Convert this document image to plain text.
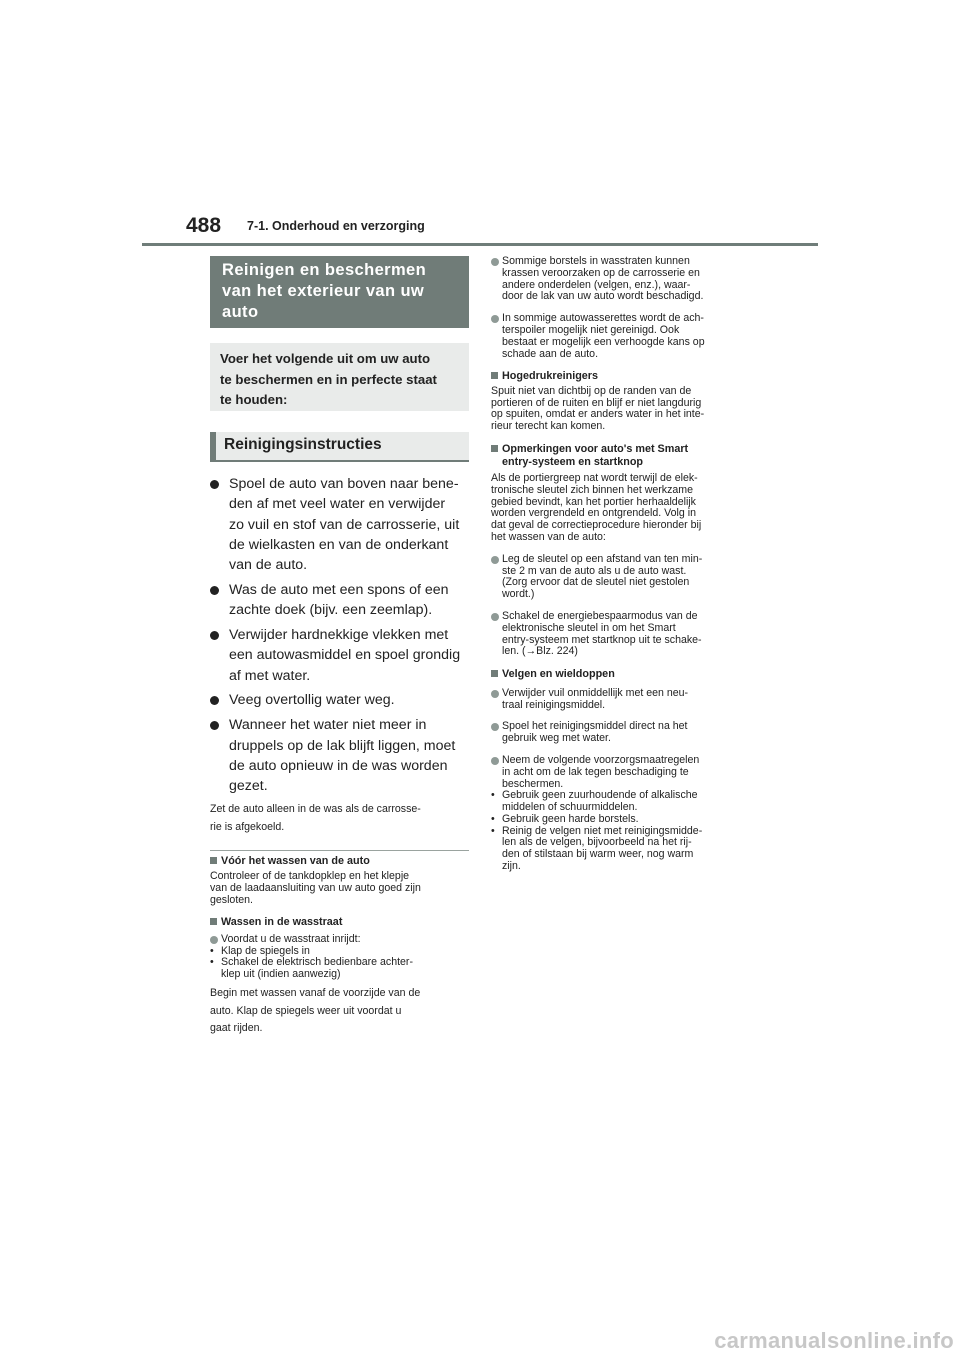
488 7-1. Onderhoud en verzorging
Reinigen en beschermen
van het exterieur van uw
auto
Voer het volgende uit om uw auto
te beschermen en in perfecte staat
te houden:
Reinigingsinstructies
Spoel de auto van boven naar bene-
den af met veel water en verwijder
zo vuil en stof van de carrosserie, uit
de wielkasten en van de onderkant
van de auto.
Was de auto met een spons of een
zachte doek (bijv. een zeemlap).
Verwijder hardnekkige vlekken met
een autowasmiddel en spoel grondig
af met water.
Veeg overtollig water weg.
Wanneer het water niet meer in
druppels op de lak blijft liggen, moet
de auto opnieuw in de was worden
gezet.
Zet de auto alleen in de was als de carrosse-
rie is afgekoeld.
Vóór het wassen van de auto
Controleer of de tankdopklep en het klepje
van de laadaansluiting van uw auto goed zijn
gesloten.
Wassen in de wasstraat
Voordat u de wasstraat inrijdt:
• Klap de spiegels in
• Schakel de elektrisch bedienbare achter-
klep uit (indien aanwezig)
Begin met wassen vanaf de voorzijde van de
auto. Klap de spiegels weer uit voordat u
gaat rijden.
Sommige borstels in wasstraten kunnen
krassen veroorzaken op de carrosserie en
andere onderdelen (velgen, enz.), waar-
door de lak van uw auto wordt beschadigd.
In sommige autowasserettes wordt de ach-
terspoiler mogelijk niet gereinigd. Ook
bestaat er mogelijk een verhoogde kans op
schade aan de auto.
Hogedrukreinigers
Spuit niet van dichtbij op de randen van de
portieren of de ruiten en blijf er niet langdurig
op spuiten, omdat er anders water in het inte-
rieur terecht kan komen.
Opmerkingen voor auto's met Smart
entry-systeem en startknop
Als de portiergreep nat wordt terwijl de elek-
tronische sleutel zich binnen het werkzame
gebied bevindt, kan het portier herhaaldelijk
worden vergrendeld en ontgrendeld. Volg in
dat geval de correctieprocedure hieronder bij
het wassen van de auto:
Leg de sleutel op een afstand van ten min-
ste 2 m van de auto als u de auto wast.
(Zorg ervoor dat de sleutel niet gestolen
wordt.)
Schakel de energiebespaarmodus van de
elektronische sleutel in om het Smart
entry-systeem met startknop uit te schake-
len. (→Blz. 224)
Velgen en wieldoppen
Verwijder vuil onmiddellijk met een neu-
traal reinigingsmiddel.
Spoel het reinigingsmiddel direct na het
gebruik weg met water.
Neem de volgende voorzorgsmaatregelen
in acht om de lak tegen beschadiging te
beschermen.
• Gebruik geen zuurhoudende of alkalische
middelen of schuurmiddelen.
• Gebruik geen harde borstels.
• Reinig de velgen niet met reinigingsmidde-
len als de velgen, bijvoorbeeld na het rij-
den of stilstaan bij warm weer, nog warm
zijn.
carmanualsonline.info
